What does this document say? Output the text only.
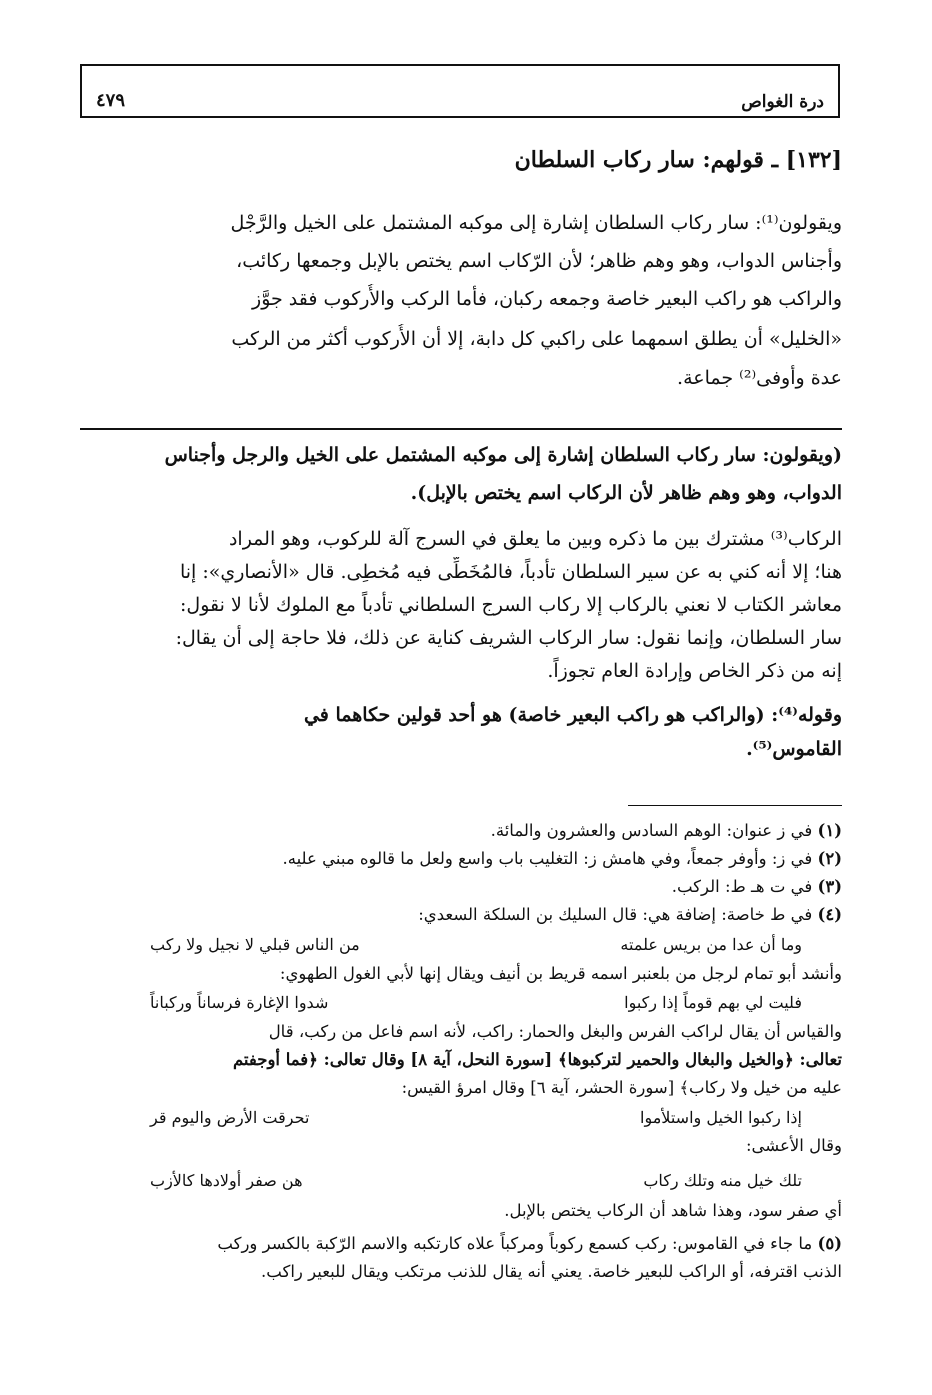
درة الغواص
٤٧٩
[١٣٢] ـ قولهم: سار ركاب السلطان
ويقولون⁽¹⁾: سار ركاب السلطان إشارة إلى موكبه المشتمل على الخيل والرَّجْل
وأجناس الدواب، وهو وهم ظاهر؛ لأن الرّكاب اسم يختص بالإبل وجمعها ركائب،
والراكب هو راكب البعير خاصة وجمعه ركبان، فأما الركب والأُركوب فقد جوَّز
«الخليل» أن يطلق اسمهما على راكبي كل دابة، إلا أن الأُركوب أكثر من الركب
عدة وأوفى⁽²⁾ جماعة.
(ويقولون: سار ركاب السلطان إشارة إلى موكبه المشتمل على الخيل والرجل وأجناس
الدواب، وهو وهم ظاهر لأن الركاب اسم يختص بالإبل).
الركاب⁽³⁾ مشترك بين ما ذكره وبين ما يعلق في السرج آلة للركوب، وهو المراد
هنا؛ إلا أنه كني به عن سير السلطان تأدباً، فالمُخَطِّى فيه مُخطِى. قال «الأنصاري»: إنا
معاشر الكتاب لا نعني بالركاب إلا ركاب السرج السلطاني تأدباً مع الملوك لأنا لا نقول:
سار السلطان، وإنما نقول: سار الركاب الشريف كناية عن ذلك، فلا حاجة إلى أن يقال:
إنه من ذكر الخاص وإرادة العام تجوزاً.
وقوله⁽⁴⁾: (والراكب هو راكب البعير خاصة) هو أحد قولين حكاهما في
القاموس⁽⁵⁾.
(١) في ز عنوان: الوهم السادس والعشرون والمائة.
(٢) في ز: وأوفر جمعاً، وفي هامش ز: التغليب باب واسع ولعل ما قالوه مبني عليه.
(٣) في ت هـ ط: الركب.
(٤) في ط خاصة: إضافة هي: قال السليك بن السلكة السعدي:
وما أن عدا من بريس علمته
من الناس قبلي لا نجيل ولا ركب
وأنشد أبو تمام لرجل من بلعنبر اسمه قريط بن أنيف ويقال إنها لأبي الغول الطهوي:
فليت لي بهم قوماً إذا ركبوا
شدوا الإغارة فرساناً وركباناً
والقياس أن يقال لراكب الفرس والبغل والحمار: راكب، لأنه اسم فاعل من ركب، قال
تعالى: ﴿والخيل والبغال والحمير لتركبوها﴾ [سورة النحل، آية ٨] وقال تعالى: ﴿فما أوجفتم
عليه من خيل ولا ركاب﴾ [سورة الحشر، آية ٦] وقال امرؤ القيس:
إذا ركبوا الخيل واستلأموا
تحرقت الأرض واليوم قر
وقال الأعشى:
تلك خيل منه وتلك ركاب
هن صفر أولادها كالأزب
أي صفر سود، وهذا شاهد أن الركاب يختص بالإبل.
(٥) ما جاء في القاموس: ركب كسمع ركوباً ومركباً علاه كارتكبه والاسم الرّكبة بالكسر وركب
الذنب اقترفه، أو الراكب للبعير خاصة. يعني أنه يقال للذنب مرتكب ويقال للبعير راكب.
